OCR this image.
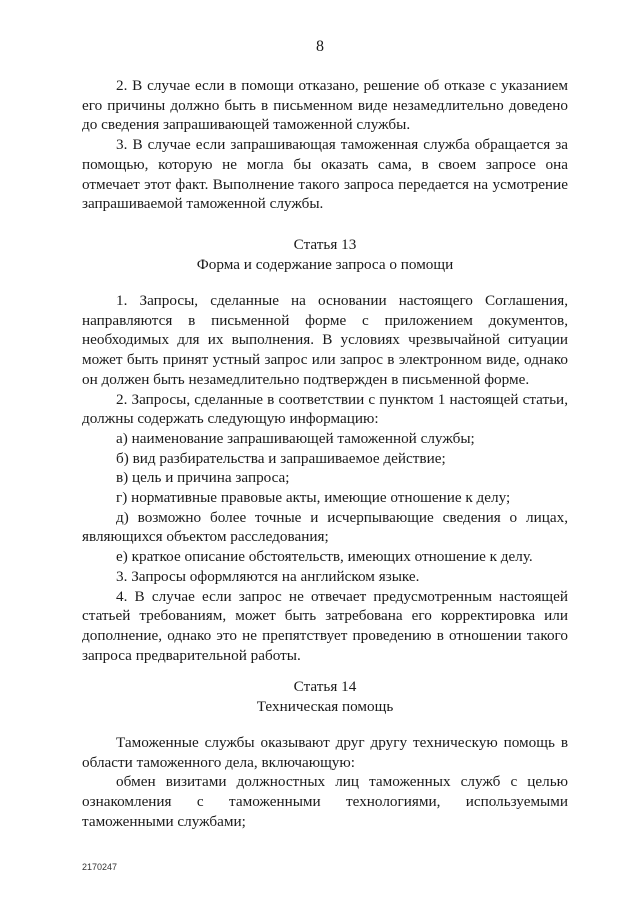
8

2. В случае если в помощи отказано, решение об отказе с указанием его причины должно быть в письменном виде незамедлительно доведено до сведения запрашивающей таможенной службы.

3. В случае если запрашивающая таможенная служба обращается за помощью, которую не могла бы оказать сама, в своем запросе она отмечает этот факт. Выполнение такого запроса передается на усмотрение запрашиваемой таможенной службы.

Статья 13

Форма и содержание запроса о помощи

1. Запросы, сделанные на основании настоящего Соглашения, направляются в письменной форме с приложением документов, необходимых для их выполнения. В условиях чрезвычайной ситуации может быть принят устный запрос или запрос в электронном виде, однако он должен быть незамедлительно подтвержден в письменной форме.

2. Запросы, сделанные в соответствии с пунктом 1 настоящей статьи, должны содержать следующую информацию:

а) наименование запрашивающей таможенной службы;

б) вид разбирательства и запрашиваемое действие;

в) цель и причина запроса;

г) нормативные правовые акты, имеющие отношение к делу;

д) возможно более точные и исчерпывающие сведения о лицах, являющихся объектом расследования;

е) краткое описание обстоятельств, имеющих отношение к делу.

3. Запросы оформляются на английском языке.

4. В случае если запрос не отвечает предусмотренным настоящей статьей требованиям, может быть затребована его корректировка или дополнение, однако это не препятствует проведению в отношении такого запроса предварительной работы.

Статья 14

Техническая помощь

Таможенные службы оказывают друг другу техническую помощь в области таможенного дела, включающую:

обмен визитами должностных лиц таможенных служб с целью ознакомления с таможенными технологиями, используемыми таможенными службами;

2170247
